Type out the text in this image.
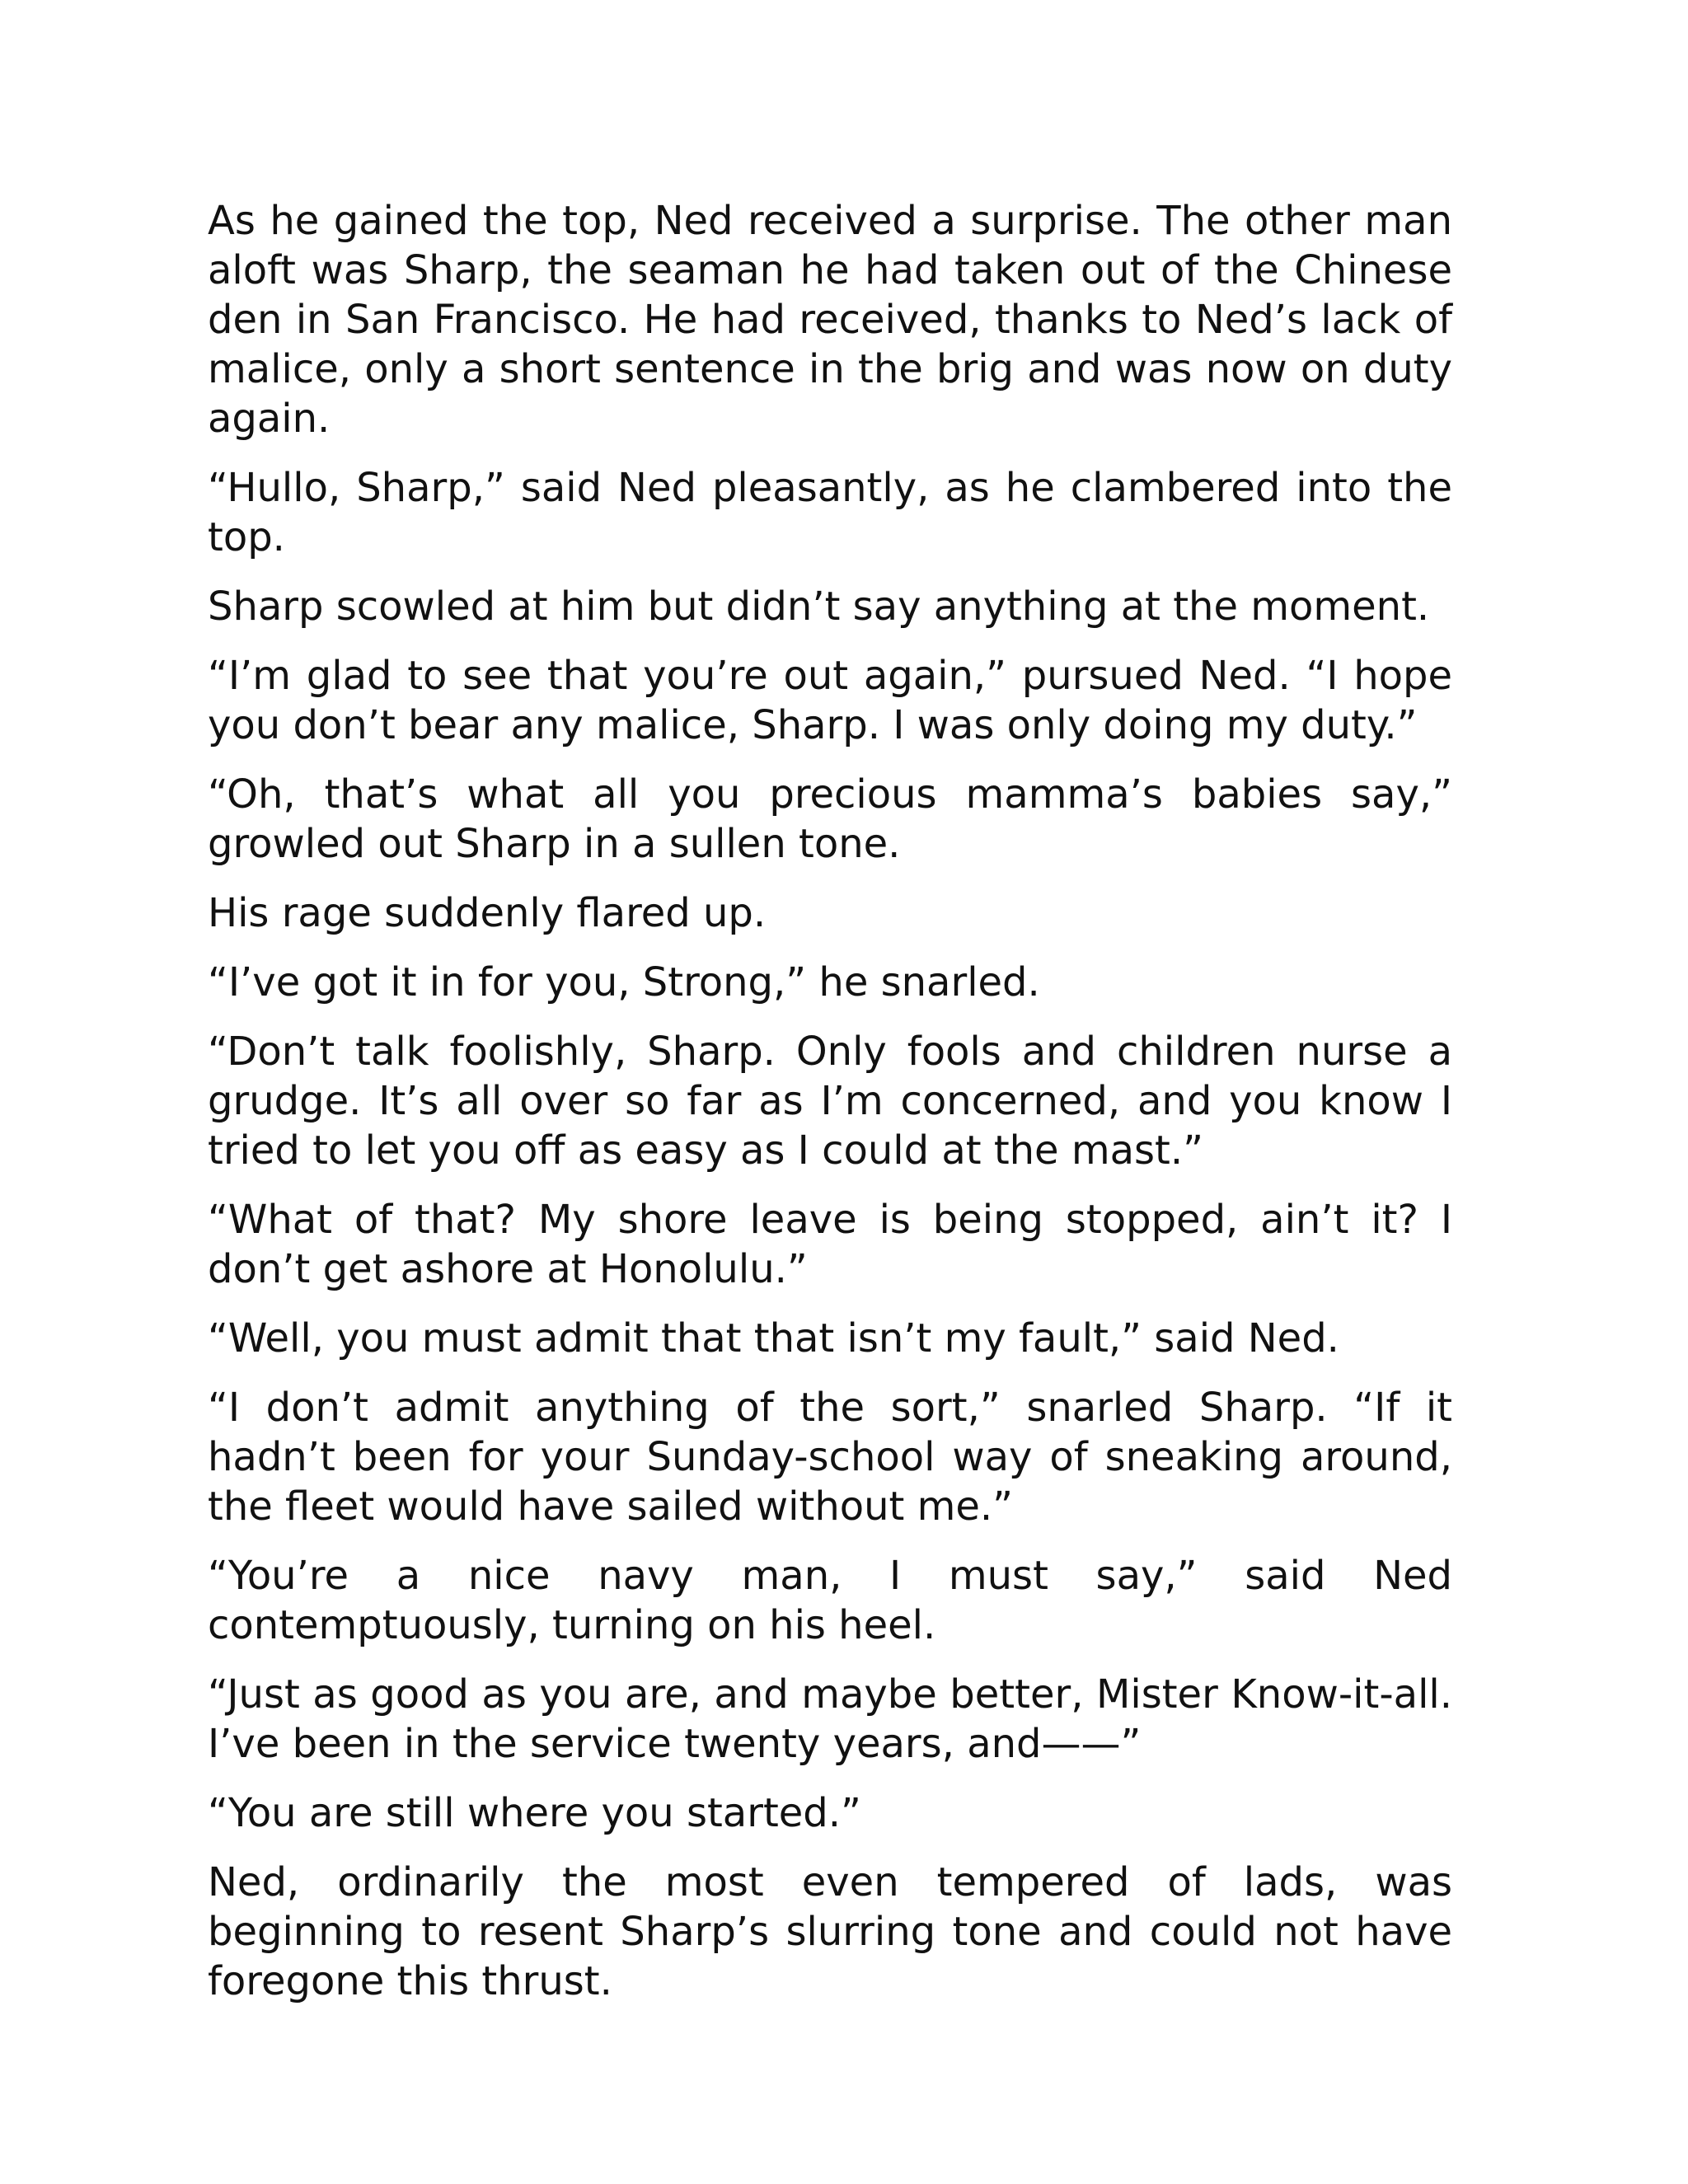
As he gained the top, Ned received a surprise. The other man aloft was Sharp, the seaman he had taken out of the Chinese den in San Francisco. He had received, thanks to Ned’s lack of malice, only a short sentence in the brig and was now on duty again.

“Hullo, Sharp,” said Ned pleasantly, as he clambered into the top.

Sharp scowled at him but didn’t say anything at the moment.

“I’m glad to see that you’re out again,” pursued Ned. “I hope you don’t bear any malice, Sharp. I was only doing my duty.”

“Oh, that’s what all you precious mamma’s babies say,” growled out Sharp in a sullen tone.

His rage suddenly flared up.

“I’ve got it in for you, Strong,” he snarled.

“Don’t talk foolishly, Sharp. Only fools and children nurse a grudge. It’s all over so far as I’m concerned, and you know I tried to let you off as easy as I could at the mast.”

“What of that? My shore leave is being stopped, ain’t it? I don’t get ashore at Honolulu.”

“Well, you must admit that that isn’t my fault,” said Ned.

“I don’t admit anything of the sort,” snarled Sharp. “If it hadn’t been for your Sunday-school way of sneaking around, the fleet would have sailed without me.”

“You’re a nice navy man, I must say,” said Ned contemptuously, turning on his heel.

“Just as good as you are, and maybe better, Mister Know-it-all. I’ve been in the service twenty years, and——”

“You are still where you started.”

Ned, ordinarily the most even tempered of lads, was beginning to resent Sharp’s slurring tone and could not have foregone this thrust.
